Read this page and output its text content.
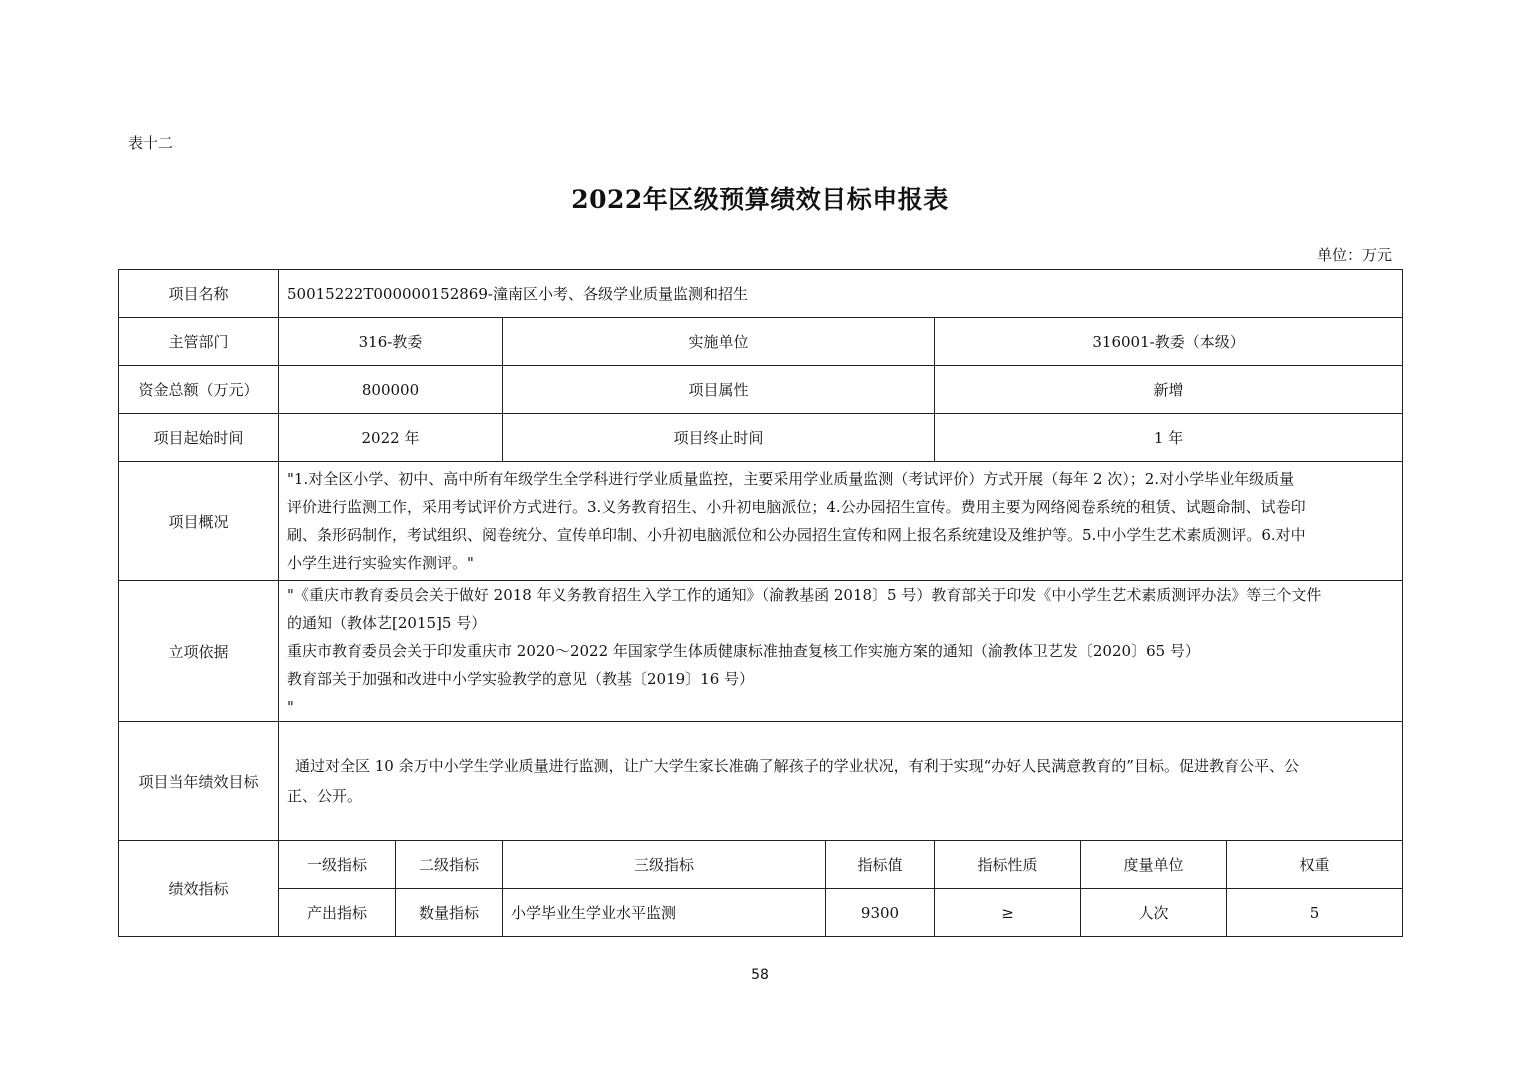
表十二
2022年区级预算绩效目标申报表
单位：万元
项目名称	50015222T000000152869-潼南区小考、各级学业质量监测和招生						
主管部门	316-教委		实施单位		316001-教委（本级）		
资金总额（万元）	800000		项目属性		新增		
项目起始时间	2022 年		项目终止时间		1 年		
项目概况	"1.对全区小学、初中、高中所有年级学生全学科进行学业质量监控，主要采用学业质量监测（考试评价）方式开展（每年 2 次）；2.对小学毕业年级质量
评价进行监测工作，采用考试评价方式进行。3.义务教育招生、小升初电脑派位；4.公办园招生宣传。费用主要为网络阅卷系统的租赁、试题命制、试卷印
刷、条形码制作，考试组织、阅卷统分、宣传单印制、小升初电脑派位和公办园招生宣传和网上报名系统建设及维护等。5.中小学生艺术素质测评。6.对中
小学生进行实验实作测评。"						

立项依据	"《重庆市教育委员会关于做好 2018 年义务教育招生入学工作的通知》（渝教基函 2018〕5 号）教育部关于印发《中小学生艺术素质测评办法》等三个文件
的通知（教体艺[2015]5 号）
重庆市教育委员会关于印发重庆市 2020～2022 年国家学生体质健康标准抽查复核工作实施方案的通知（渝教体卫艺发〔2020〕65 号）
教育部关于加强和改进中小学实验教学的意见（教基〔2019〕16 号）
"						

项目当年绩效目标	通过对全区 10 余万中小学生学业质量进行监测，让广大学生家长准确了解孩子的学业状况，有利于实现“办好人民满意教育的”目标。促进教育公平、公
正、公开。						

绩效指标	一级指标	二级指标	三级指标	指标值	指标性质	度量单位	权重
	产出指标	数量指标	小学毕业生学业水平监测	9300	≥	人次	5
58
